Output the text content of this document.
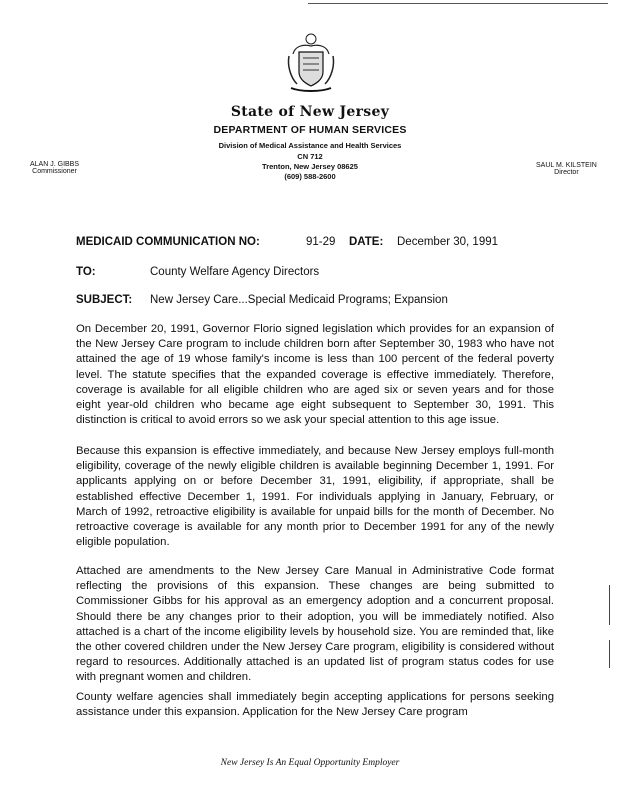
State of New Jersey
DEPARTMENT OF HUMAN SERVICES
Division of Medical Assistance and Health Services
CN 712
Trenton, New Jersey 08625
(609) 588-2600
ALAN J. GIBBS
Commissioner
SAUL M. KILSTEIN
Director
MEDICAID COMMUNICATION NO:	91-29 DATE: December 30, 1991
TO:	County Welfare Agency Directors
SUBJECT: New Jersey Care...Special Medicaid Programs; Expansion

On December 20, 1991, Governor Florio signed legislation which provides for an expansion of the New Jersey Care program to include children born after September 30, 1983 who have not attained the age of 19 whose family's income is less than 100 percent of the federal poverty level. The statute specifies that the expanded coverage is effective immediately. Therefore, coverage is available for all eligible children who are aged six or seven years and for those eight year-old children who became age eight subsequent to September 30, 1991. This distinction is critical to avoid errors so we ask your special attention to this age issue.

Because this expansion is effective immediately, and because New Jersey employs full-month eligibility, coverage of the newly eligible children is available beginning December 1, 1991. For applicants applying on or before December 31, 1991, eligibility, if appropriate, shall be established effective December 1, 1991. For individuals applying in January, February, or March of 1992, retroactive eligibility is available for unpaid bills for the month of December. No retroactive coverage is available for any month prior to December 1991 for any of the newly eligible population.

Attached are amendments to the New Jersey Care Manual in Administrative Code format reflecting the provisions of this expansion. These changes are being submitted to Commissioner Gibbs for his approval as an emergency adoption and a concurrent proposal. Should there be any changes prior to their adoption, you will be immediately notified. Also attached is a chart of the income eligibility levels by household size. You are reminded that, like the other covered children under the New Jersey Care program, eligibility is considered without regard to resources. Additionally attached is an updated list of program status codes for use with pregnant women and children.

County welfare agencies shall immediately begin accepting applications for persons seeking assistance under this expansion. Application for the New Jersey Care program

New Jersey Is An Equal Opportunity Employer
